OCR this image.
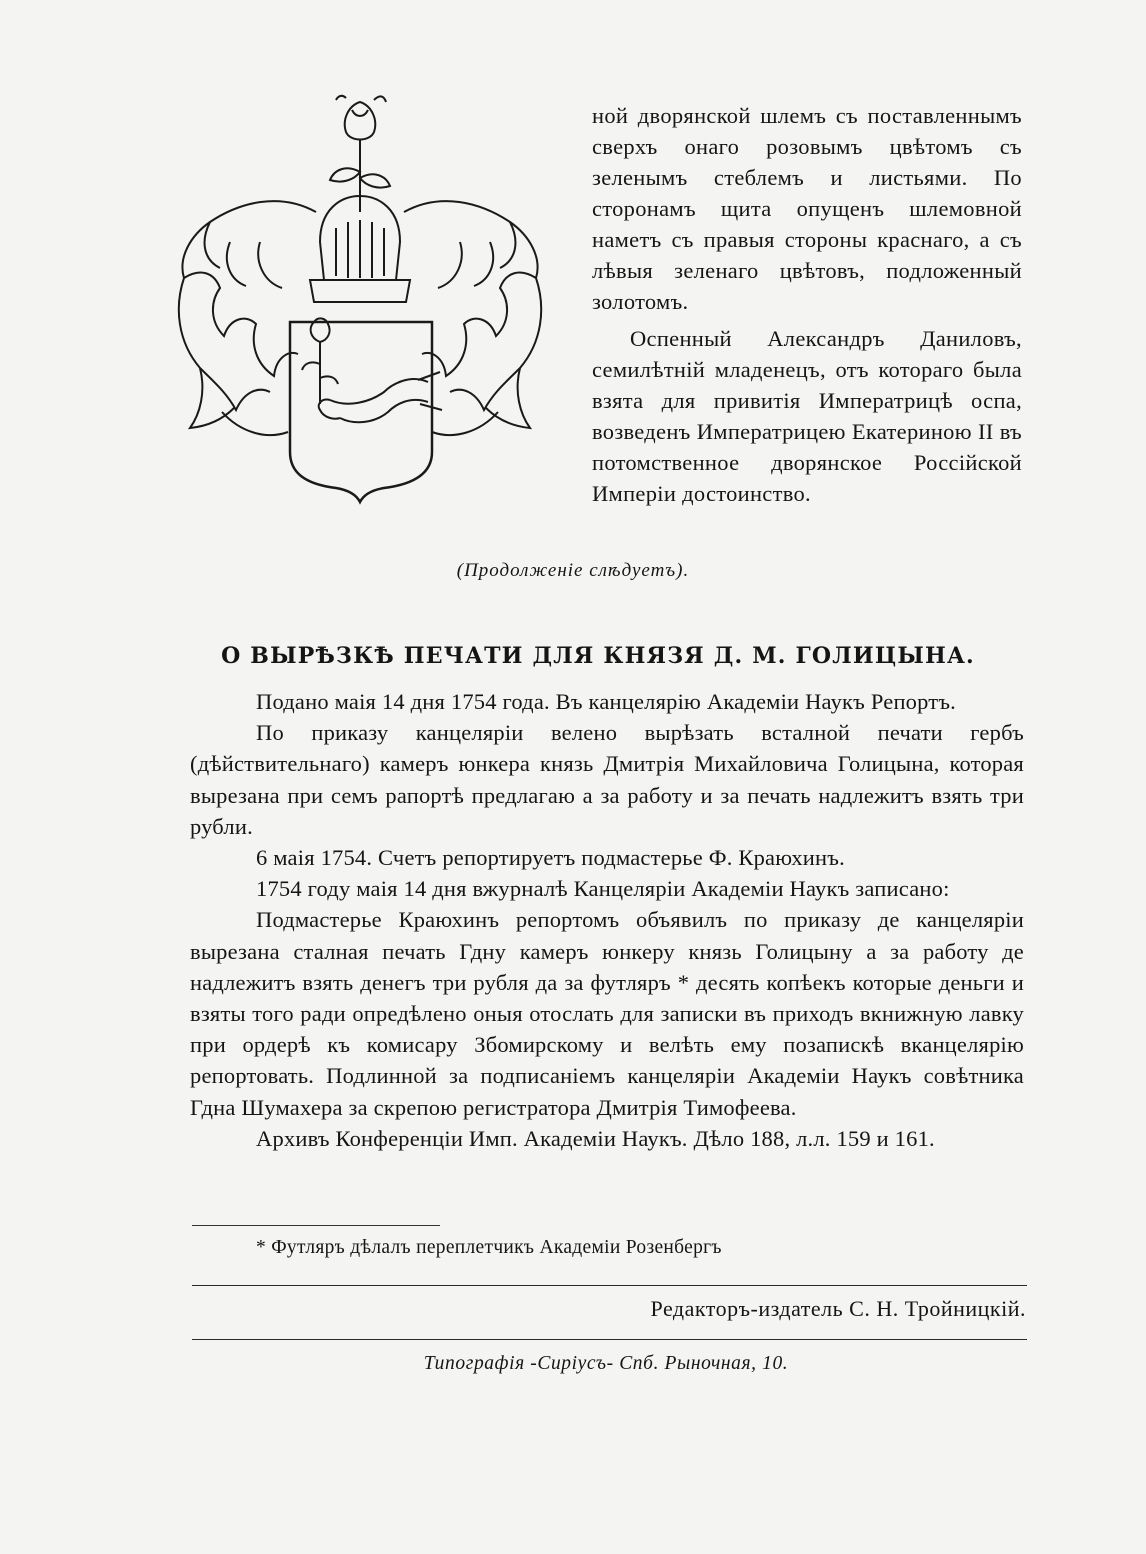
ной дворянской шлемъ съ поставленнымъ сверхъ онаго розовымъ цвѣтомъ съ зеленымъ стеблемъ и листьями. По сторонамъ щита опущенъ шлемовной наметъ съ правыя стороны краснаго, а съ лѣвыя зеленаго цвѣтовъ, подложенный золотомъ.

Оспенный Александръ Даниловъ, семилѣтній младенецъ, отъ котораго была взята для привитія Императрицѣ оспа, возведенъ Императрицею Екатериною II въ потомственное дворянское Россійской Имперіи достоинство.

(Продолженіе слѣдуетъ).
О ВЫРѢЗКѢ ПЕЧАТИ ДЛЯ КНЯЗЯ Д. М. ГОЛИЦЫНА.

Подано маія 14 дня 1754 года. Въ канцелярію Академіи Наукъ Репортъ.

По приказу канцеляріи велено вырѣзать всталной печати гербъ (дѣйствительнаго) камеръ юнкера князь Дмитрія Михайловича Голицына, которая вырезана при семъ рапортѣ предлагаю а за работу и за печать надлежитъ взять три рубли.

6 маія 1754. Счетъ репортируетъ подмастерье Ф. Краюхинъ.

1754 году маія 14 дня вжурналѣ Канцеляріи Академіи Наукъ записано:

Подмастерье Краюхинъ репортомъ объявилъ по приказу де канцеляріи вырезана сталная печать Гдну камеръ юнкеру князь Голицыну а за работу де надлежитъ взять денегъ три рубля да за футляръ * десять копѣекъ которые деньги и взяты того ради опредѣлено оныя отослать для записки въ приходъ вкнижную лавку при ордерѣ къ комисару Збомирскому и велѣть ему позапискѣ вканцелярію репортовать. Подлинной за подписаніемъ канцеляріи Академіи Наукъ совѣтника Гдна Шумахера за скрепою регистратора Дмитрія Тимофеева.

Архивъ Конференціи Имп. Академіи Наукъ. Дѣло 188, л.л. 159 и 161.

* Футляръ дѣлалъ переплетчикъ Академіи Розенбергъ
Редакторъ-издатель С. Н. Тройницкій.
Типографія -Сиріусъ- Спб. Рыночная, 10.
